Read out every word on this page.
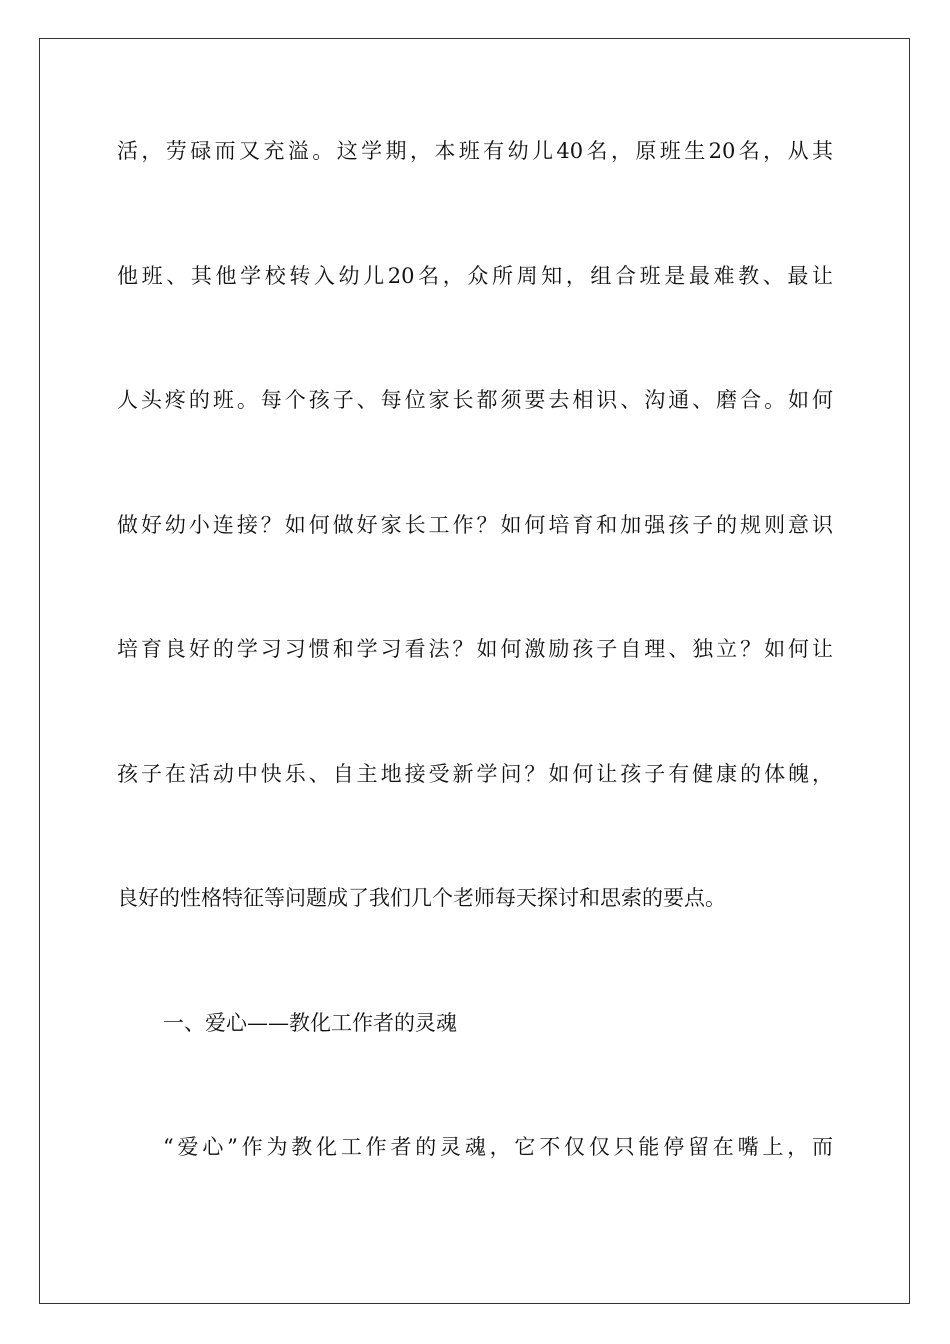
活，劳碌而又充溢。这学期，本班有幼儿40名，原班生20名，从其
他班、其他学校转入幼儿20名，众所周知，组合班是最难教、最让
人头疼的班。每个孩子、每位家长都须要去相识、沟通、磨合。如何
做好幼小连接？如何做好家长工作？如何培育和加强孩子的规则意识
培育良好的学习习惯和学习看法？如何激励孩子自理、独立？如何让
孩子在活动中快乐、自主地接受新学问？如何让孩子有健康的体魄，
良好的性格特征等问题成了我们几个老师每天探讨和思索的要点。
一、爱心——教化工作者的灵魂
“爱心”作为教化工作者的灵魂，它不仅仅只能停留在嘴上，而
